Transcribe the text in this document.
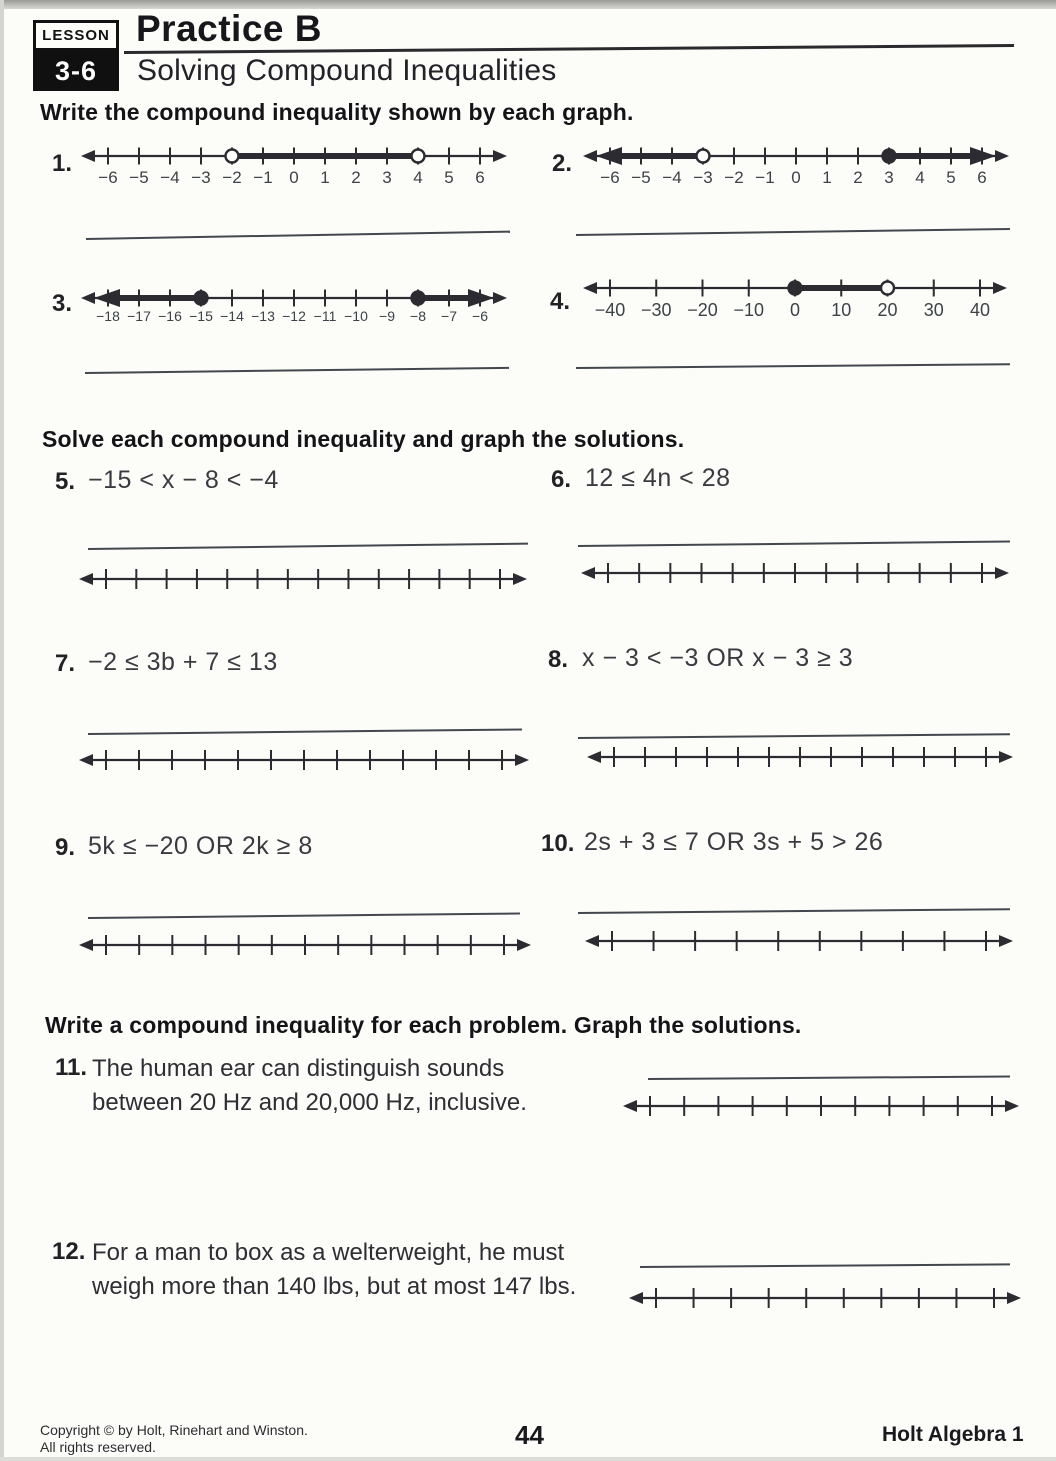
LESSON
3-6
Practice B
Solving Compound Inequalities
Write the compound inequality shown by each graph.
1.
−6 −5 −4 −3 −2 −1 0 1 2 3 4 5 6
2.
−6 −5 −4 −3 −2 −1 0 1 2 3 4 5 6
3. −18 −17 −16 −15 −14 −13 −12 −11 −10 −9 −8 −7 −6
4. −40 −30 −20 −10 0 10 20 30 40
Solve each compound inequality and graph the solutions.
5. −15 < x − 8 < −4	6. 12 ≤ 4n < 28
7. −2 ≤ 3b + 7 ≤ 13	8. x − 3 < −3 OR x − 3 ≥ 3
9. 5k ≤ −20 OR 2k ≥ 8	10. 2s + 3 ≤ 7 OR 3s + 5 > 26
Write a compound inequality for each problem. Graph the solutions.
11. The human ear can distinguish sounds
between 20 Hz and 20,000 Hz, inclusive.
12. For a man to box as a welterweight, he must
weigh more than 140 lbs, but at most 147 lbs.
Copyright © by Holt, Rinehart and Winston.
All rights reserved.	44	Holt Algebra 1
